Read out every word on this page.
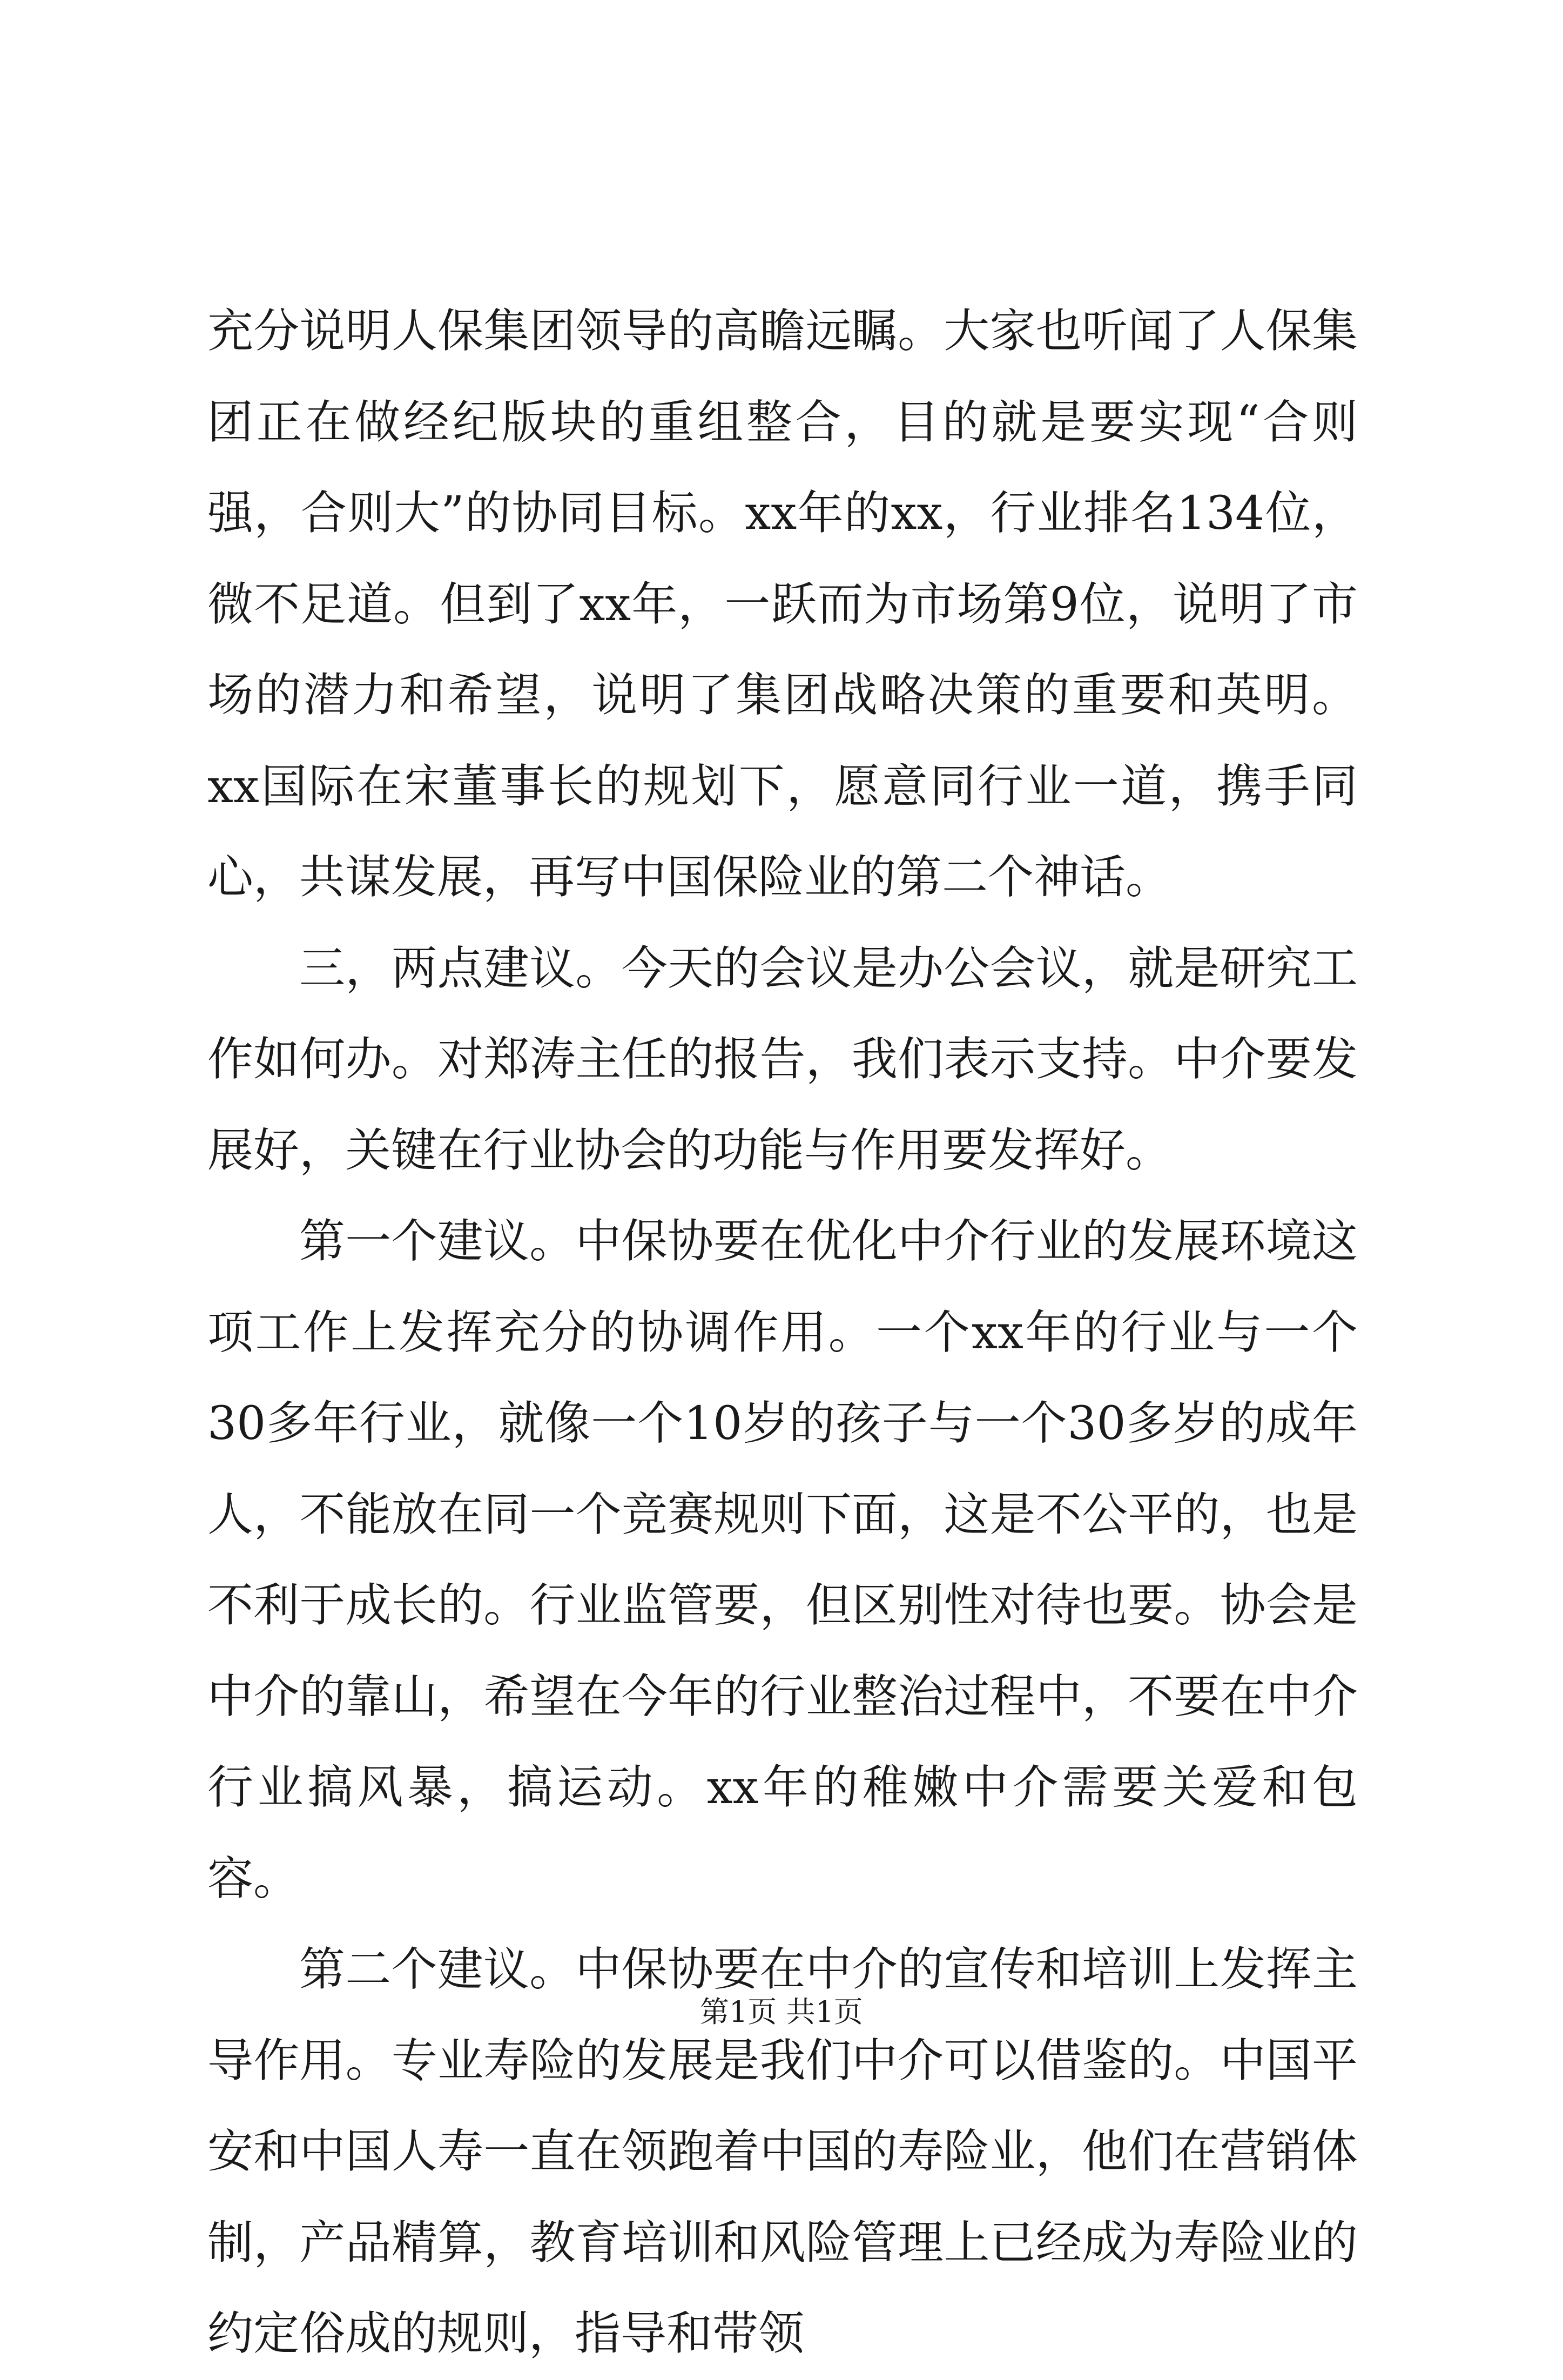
充分说明人保集团领导的高瞻远瞩。大家也听闻了人保集团正在做经纪版块的重组整合，目的就是要实现“合则强，合则大”的协同目标。xx年的xx，行业排名134位，微不足道。但到了xx年，一跃而为市场第9位，说明了市场的潜力和希望，说明了集团战略决策的重要和英明。xx国际在宋董事长的规划下，愿意同行业一道，携手同心，共谋发展，再写中国保险业的第二个神话。

三，两点建议。今天的会议是办公会议，就是研究工作如何办。对郑涛主任的报告，我们表示支持。中介要发展好，关键在行业协会的功能与作用要发挥好。

第一个建议。中保协要在优化中介行业的发展环境这项工作上发挥充分的协调作用。一个xx年的行业与一个30多年行业，就像一个10岁的孩子与一个30多岁的成年人，不能放在同一个竞赛规则下面，这是不公平的，也是不利于成长的。行业监管要，但区别性对待也要。协会是中介的靠山，希望在今年的行业整治过程中，不要在中介行业搞风暴，搞运动。xx年的稚嫩中介需要关爱和包容。

第二个建议。中保协要在中介的宣传和培训上发挥主导作用。专业寿险的发展是我们中介可以借鉴的。中国平安和中国人寿一直在领跑着中国的寿险业，他们在营销体制，产品精算，教育培训和风险管理上已经成为寿险业的约定俗成的规则，指导和带领

第1页 共1页
